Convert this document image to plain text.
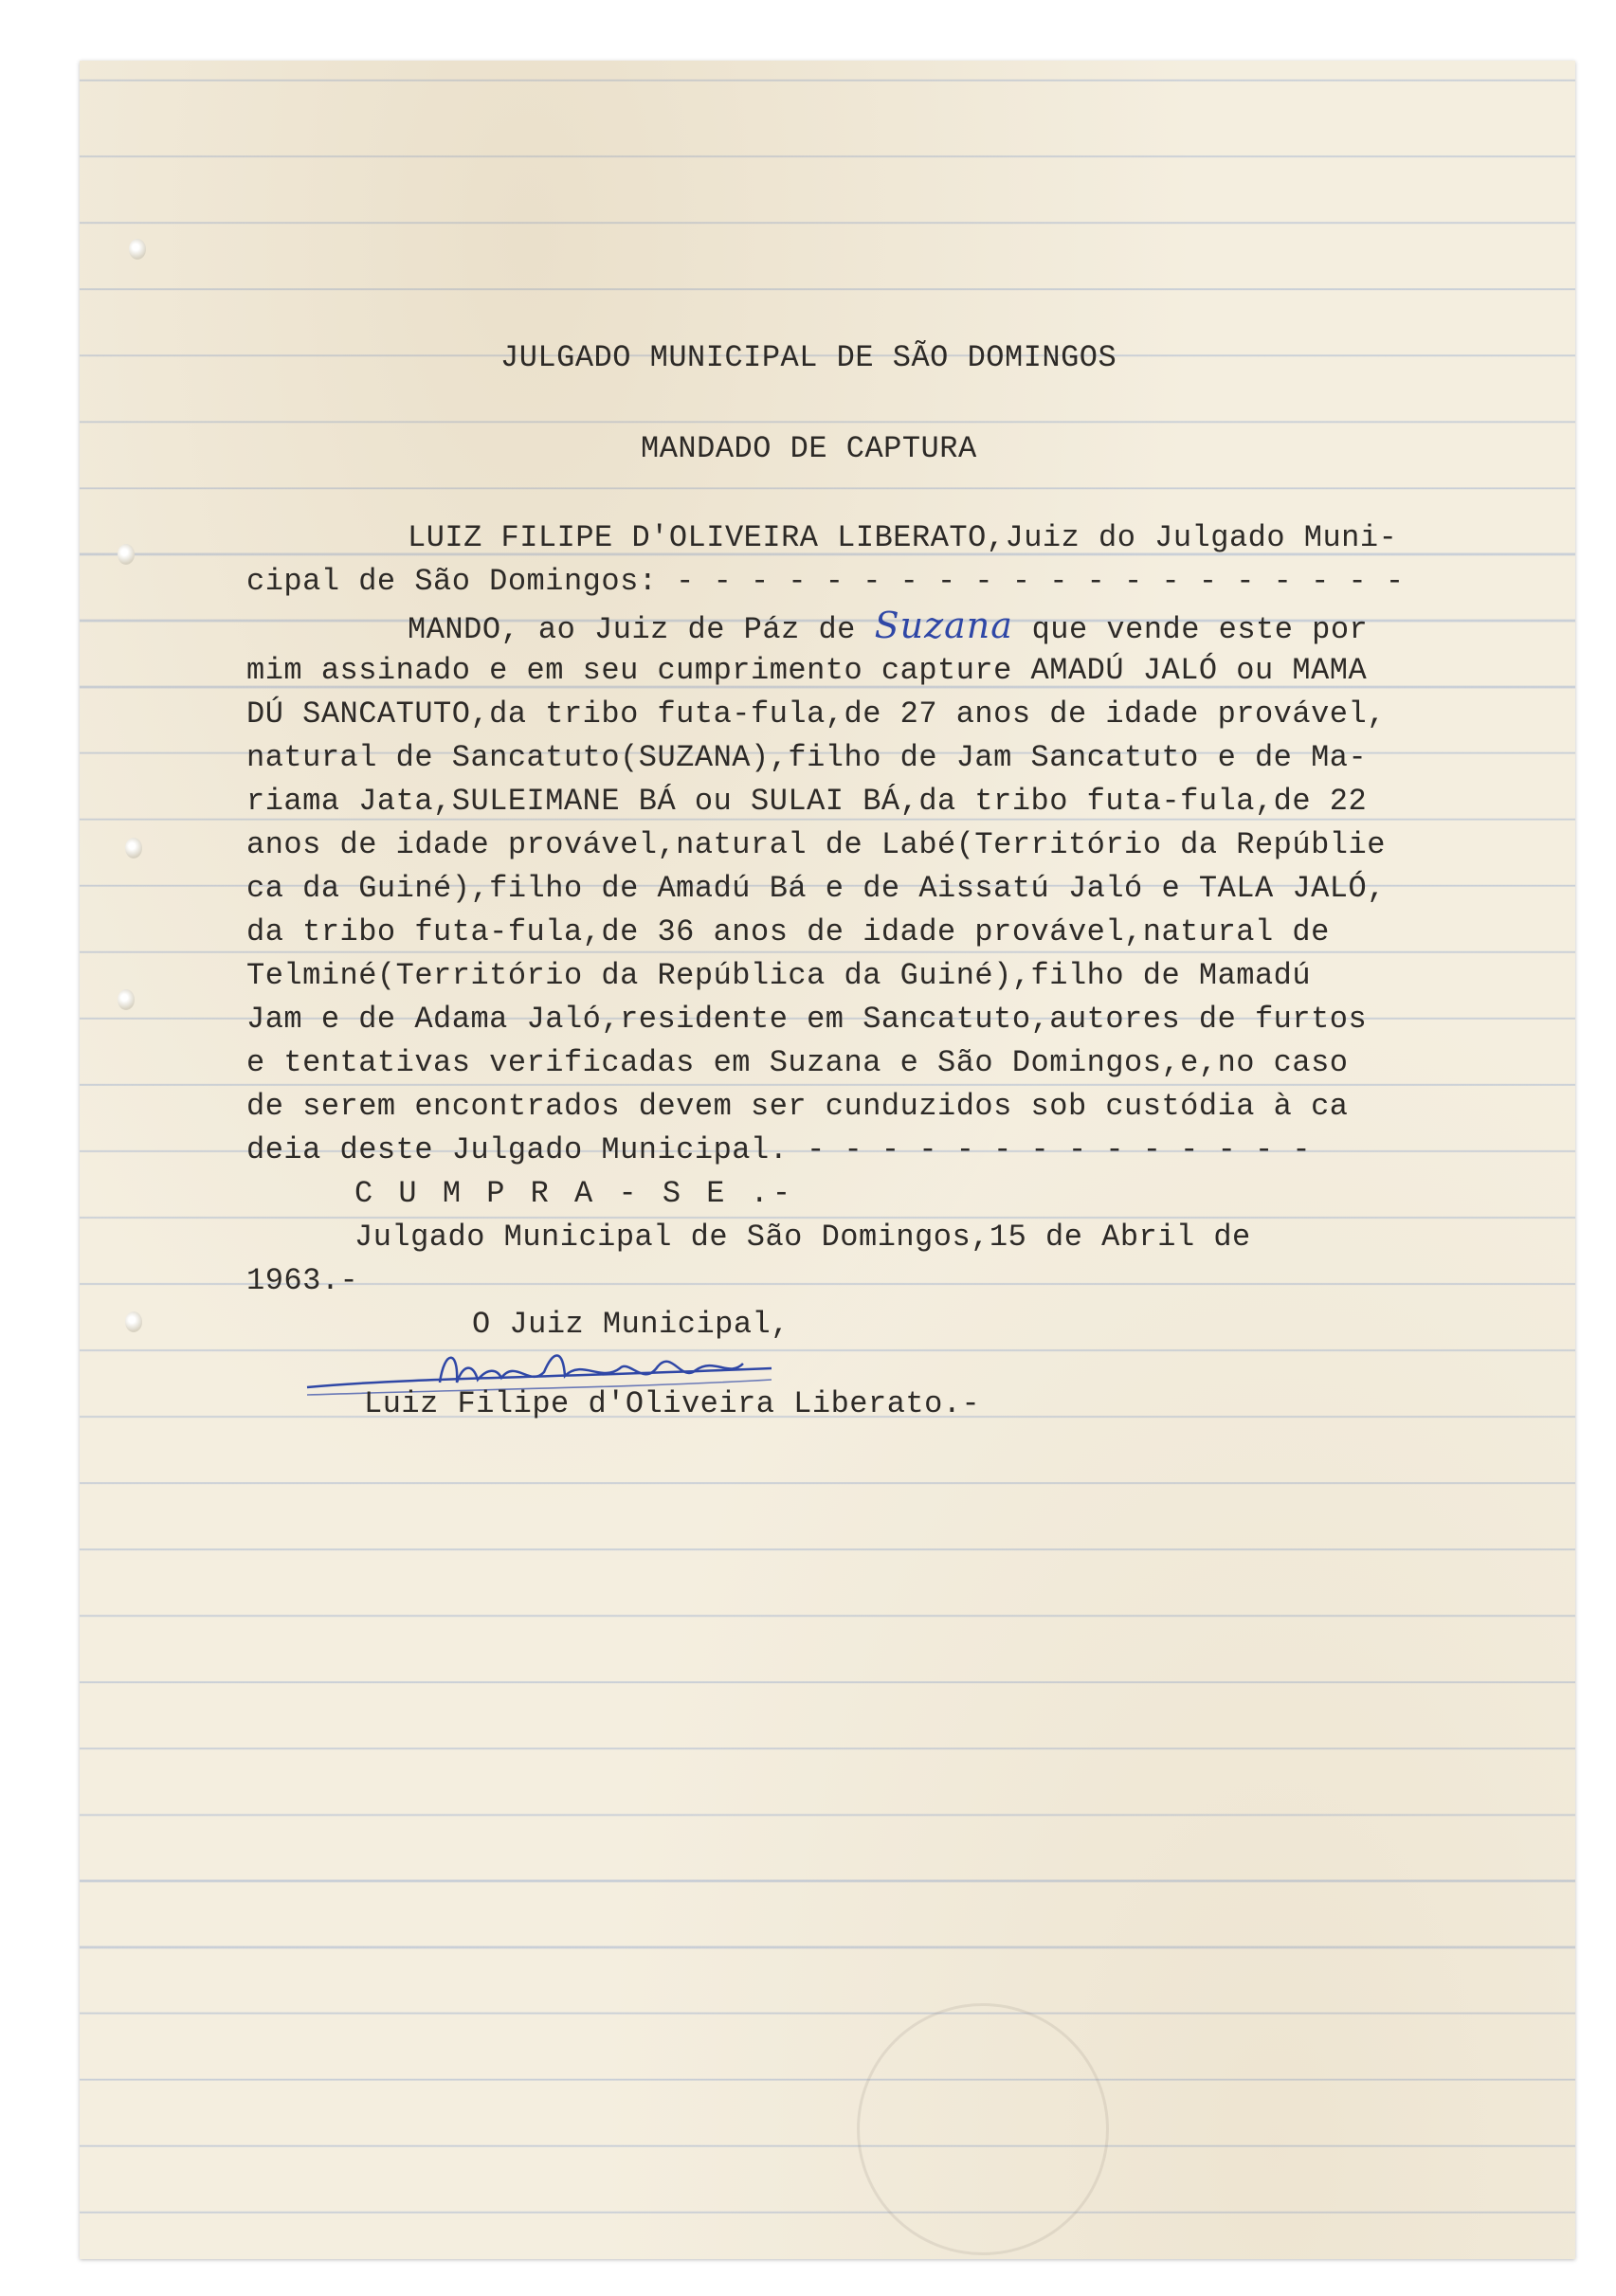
JULGADO MUNICIPAL DE SÃO DOMINGOS
MANDADO DE CAPTURA
LUIZ FILIPE D'OLIVEIRA LIBERATO,Juiz do Julgado Muni-
cipal de São Domingos: - - - - - - - - - - - - - - - - - - - -
MANDO, ao Juiz de Páz de Suzana que vende este por
mim assinado e em seu cumprimento capture AMADÚ JALÓ ou MAMA
DÚ SANCATUTO,da tribo futa-fula,de 27 anos de idade provável,
natural de Sancatuto(SUZANA),filho de Jam Sancatuto e de Ma-
riama Jata,SULEIMANE BÁ ou SULAI BÁ,da tribo futa-fula,de 22
anos de idade provável,natural de Labé(Território da Repúblie
ca da Guiné),filho de Amadú Bá e de Aissatú Jaló e TALA JALÓ,
da tribo futa-fula,de 36 anos de idade provável,natural de
Telminé(Território da República da Guiné),filho de Mamadú
Jam e de Adama Jaló,residente em Sancatuto,autores de furtos
e tentativas verificadas em Suzana e São Domingos,e,no caso
de serem encontrados devem ser cunduzidos sob custódia à ca
deia deste Julgado Municipal. - - - - - - - - - - - - - -
C U M P R A - S E .-
Julgado Municipal de São Domingos,15 de Abril de
1963.-
O Juiz Municipal,
Luiz Filipe d'Oliveira Liberato.-
